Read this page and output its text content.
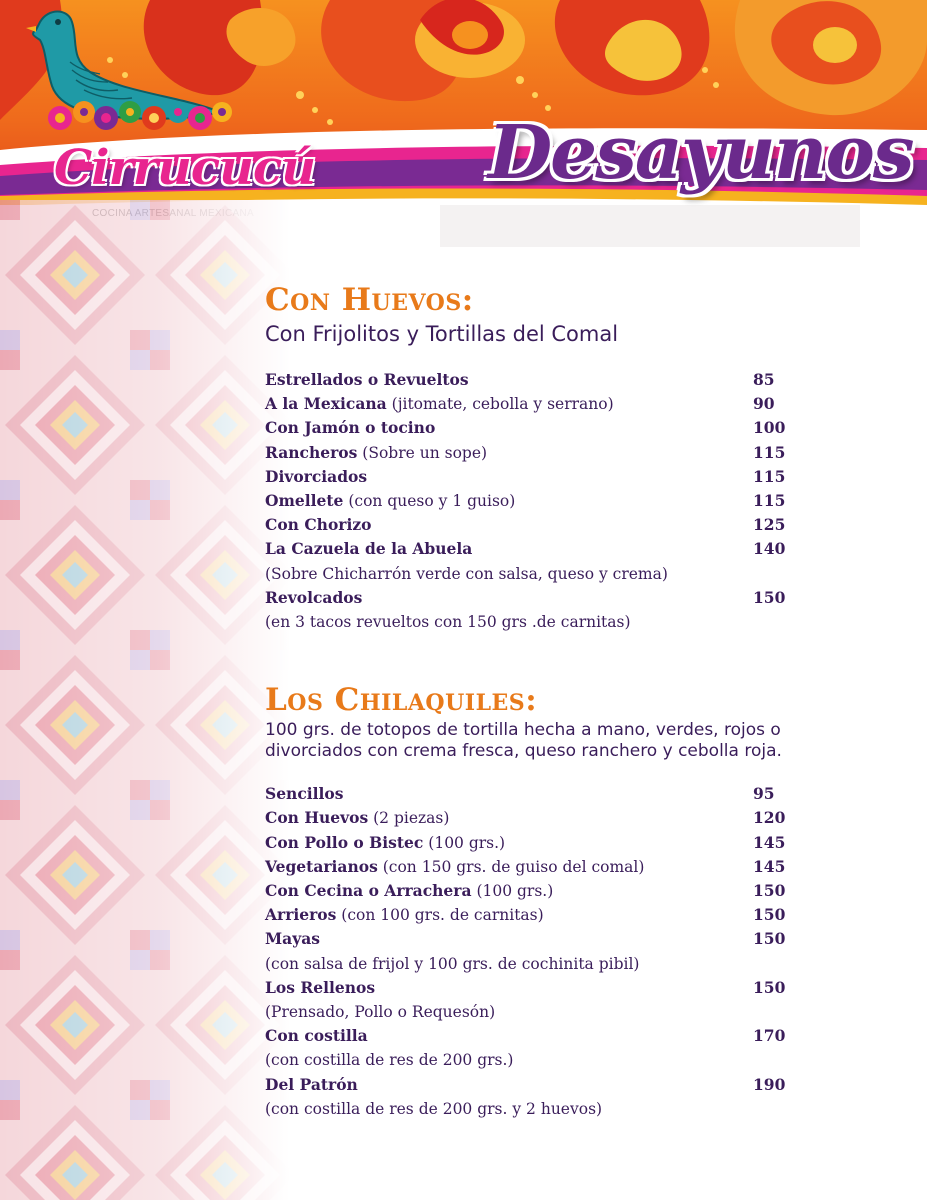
Cirrucucú Desayunos
Con Huevos:

Con Frijolitos y Tortillas del Comal

Estrellados o Revueltos	85
A la Mexicana (jitomate, cebolla y serrano)	90
Con Jamón o tocino	100
Rancheros (Sobre un sope)	115
Divorciados	115
Omellete (con queso y 1 guiso)	115
Con Chorizo	125
La Cazuela de la Abuela	140
(Sobre Chicharrón verde con salsa, queso y crema)
Revolcados	150
(en 3 tacos revueltos con 150 grs .de carnitas)
Los Chilaquiles:

100 grs. de totopos de tortilla hecha a mano, verdes, rojos o divorciados con crema fresca, queso ranchero y cebolla roja.

Sencillos	95
Con Huevos (2 piezas)	120
Con Pollo o Bistec (100 grs.)	145
Vegetarianos (con 150 grs. de guiso del comal)	145
Con Cecina o Arrachera (100 grs.)	150
Arrieros (con 100 grs. de carnitas)	150
Mayas	150
(con salsa de frijol y 100 grs. de cochinita pibil)
Los Rellenos	150
(Prensado, Pollo o Requesón)
Con costilla	170
(con costilla de res de 200 grs.)
Del Patrón	190
(con costilla de res de 200 grs. y 2 huevos)
